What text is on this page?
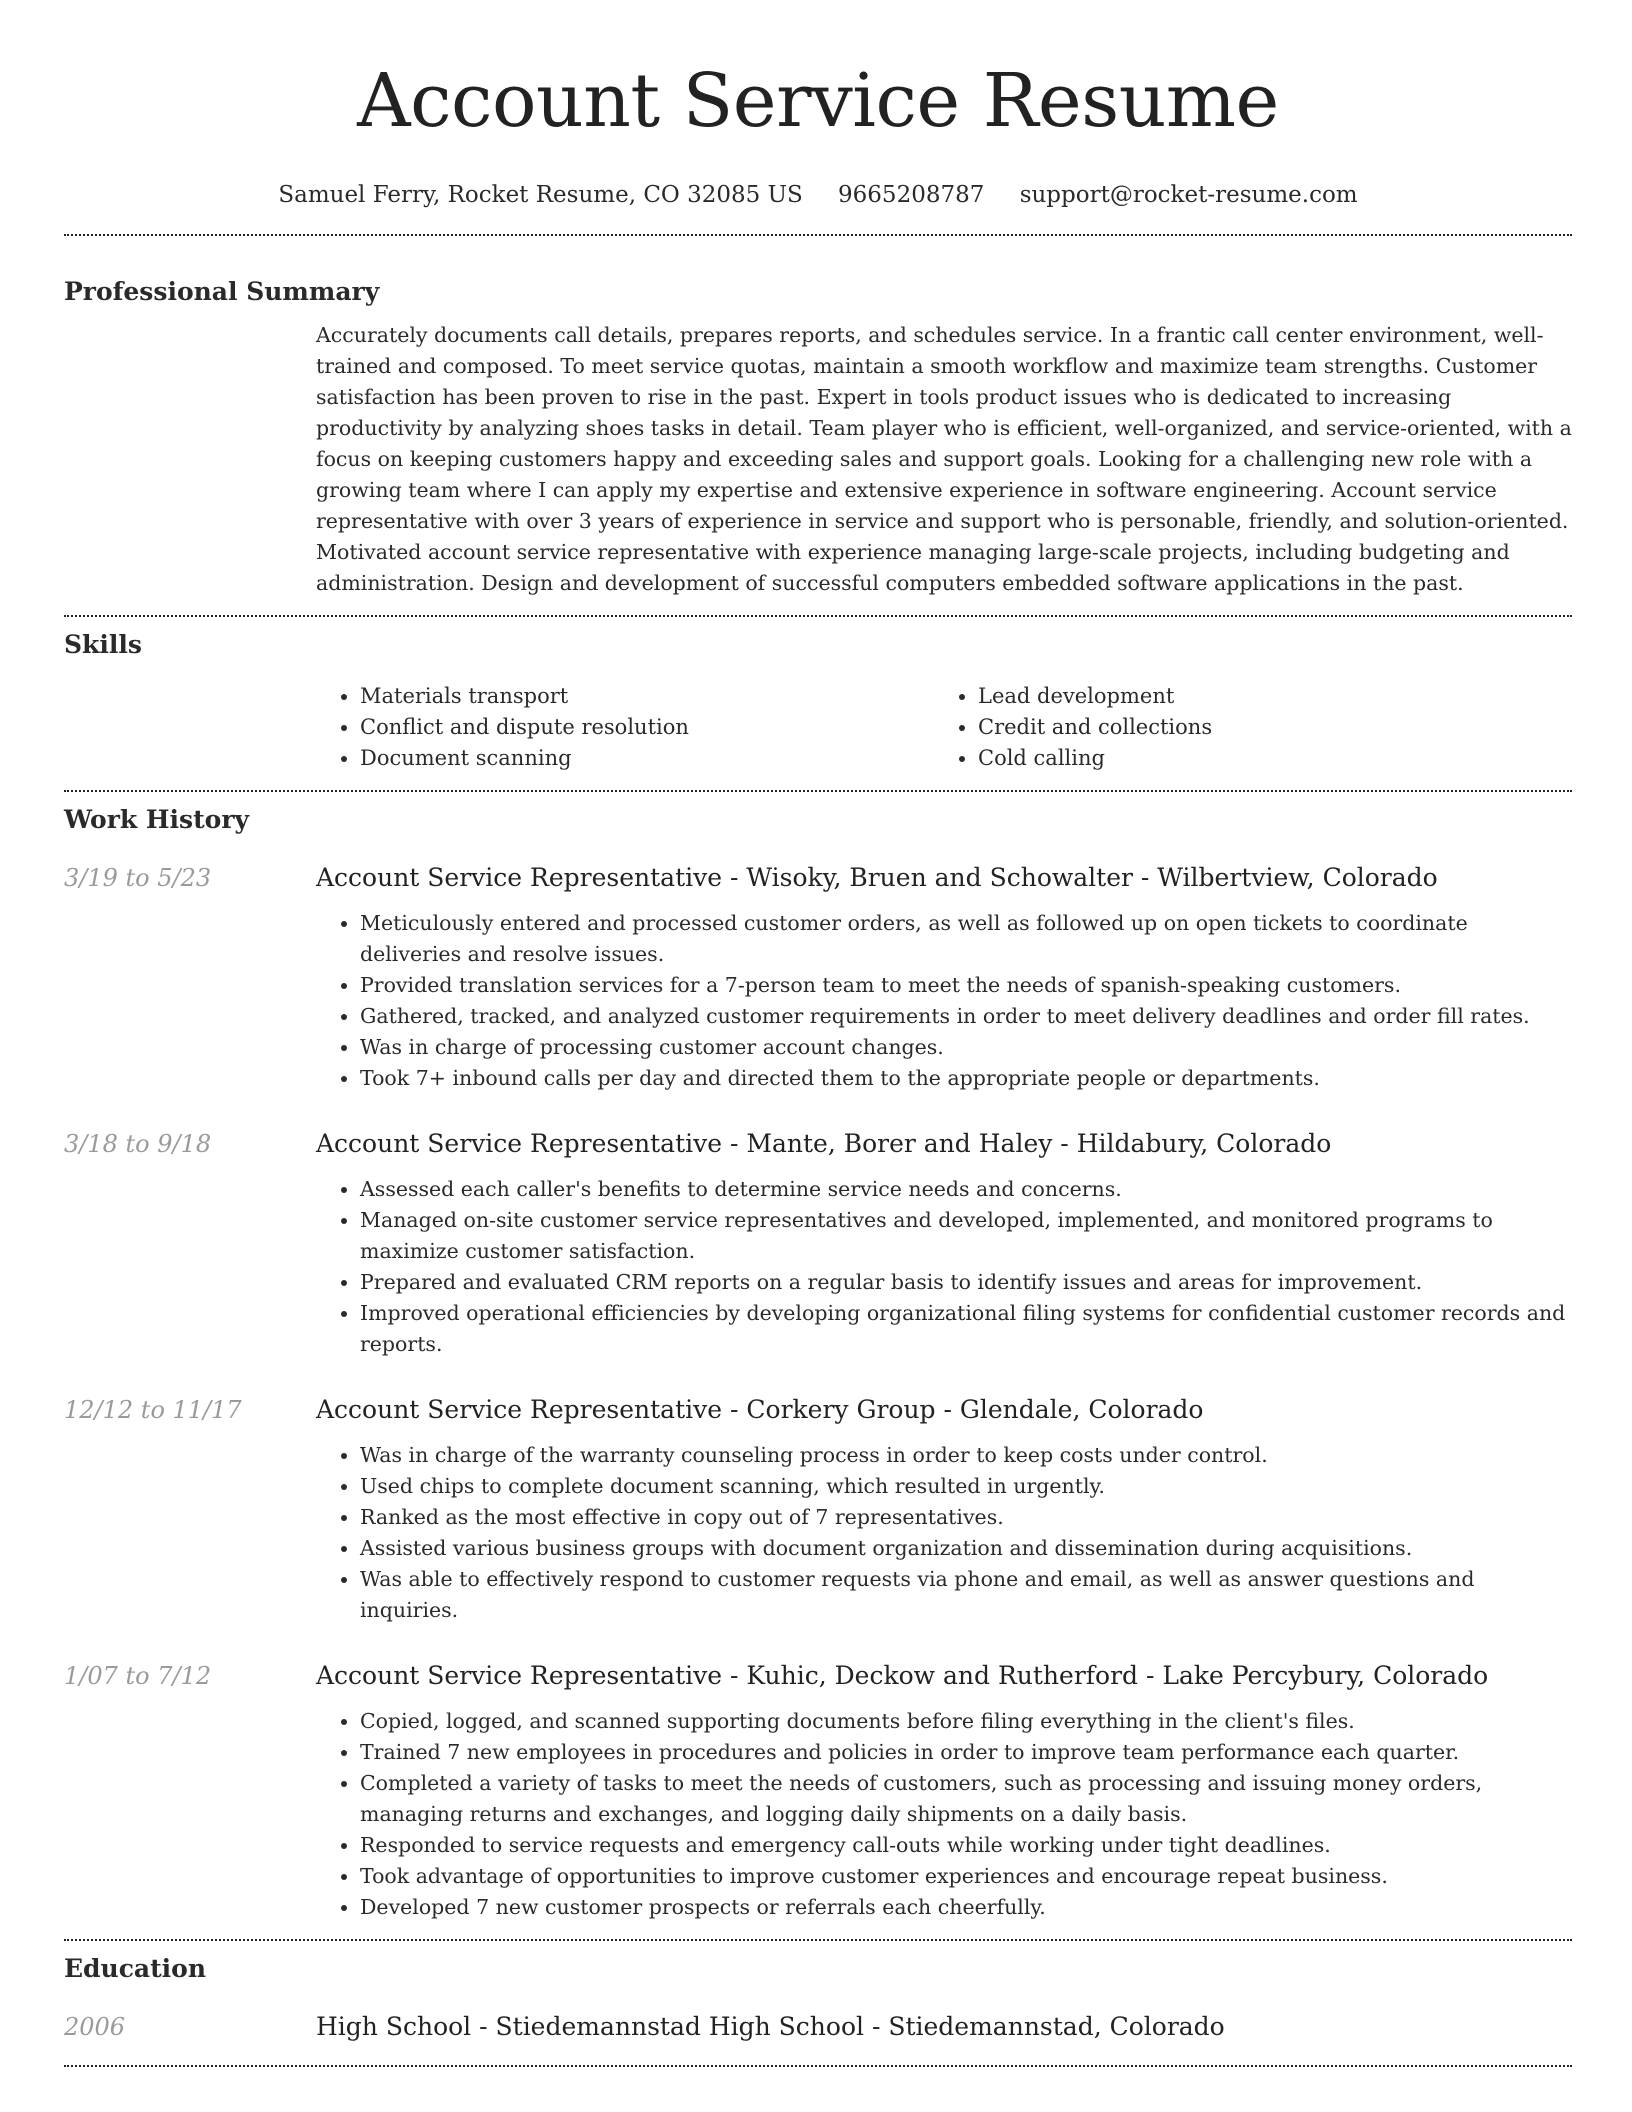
Account Service Resume
Samuel Ferry, Rocket Resume, CO 32085 US 9665208787 support@rocket-resume.com
Professional Summary
Accurately documents call details, prepares reports, and schedules service. In a frantic call center environment, well-trained and composed. To meet service quotas, maintain a smooth workflow and maximize team strengths. Customer satisfaction has been proven to rise in the past. Expert in tools product issues who is dedicated to increasing productivity by analyzing shoes tasks in detail. Team player who is efficient, well-organized, and service-oriented, with a focus on keeping customers happy and exceeding sales and support goals. Looking for a challenging new role with a growing team where I can apply my expertise and extensive experience in software engineering. Account service representative with over 3 years of experience in service and support who is personable, friendly, and solution-oriented. Motivated account service representative with experience managing large-scale projects, including budgeting and administration. Design and development of successful computers embedded software applications in the past.
Skills
• Materials transport
• Conflict and dispute resolution
• Document scanning
• Lead development
• Credit and collections
• Cold calling
Work History
3/19 to 5/23	Account Service Representative - Wisoky, Bruen and Schowalter - Wilbertview, Colorado
• Meticulously entered and processed customer orders, as well as followed up on open tickets to coordinate deliveries and resolve issues.
• Provided translation services for a 7-person team to meet the needs of spanish-speaking customers.
• Gathered, tracked, and analyzed customer requirements in order to meet delivery deadlines and order fill rates.
• Was in charge of processing customer account changes.
• Took 7+ inbound calls per day and directed them to the appropriate people or departments.
3/18 to 9/18	Account Service Representative - Mante, Borer and Haley - Hildabury, Colorado
• Assessed each caller's benefits to determine service needs and concerns.
• Managed on-site customer service representatives and developed, implemented, and monitored programs to maximize customer satisfaction.
• Prepared and evaluated CRM reports on a regular basis to identify issues and areas for improvement.
• Improved operational efficiencies by developing organizational filing systems for confidential customer records and reports.
12/12 to 11/17	Account Service Representative - Corkery Group - Glendale, Colorado
• Was in charge of the warranty counseling process in order to keep costs under control.
• Used chips to complete document scanning, which resulted in urgently.
• Ranked as the most effective in copy out of 7 representatives.
• Assisted various business groups with document organization and dissemination during acquisitions.
• Was able to effectively respond to customer requests via phone and email, as well as answer questions and inquiries.
1/07 to 7/12	Account Service Representative - Kuhic, Deckow and Rutherford - Lake Percybury, Colorado
• Copied, logged, and scanned supporting documents before filing everything in the client's files.
• Trained 7 new employees in procedures and policies in order to improve team performance each quarter.
• Completed a variety of tasks to meet the needs of customers, such as processing and issuing money orders, managing returns and exchanges, and logging daily shipments on a daily basis.
• Responded to service requests and emergency call-outs while working under tight deadlines.
• Took advantage of opportunities to improve customer experiences and encourage repeat business.
• Developed 7 new customer prospects or referrals each cheerfully.
Education
2006	High School - Stiedemannstad High School - Stiedemannstad, Colorado
